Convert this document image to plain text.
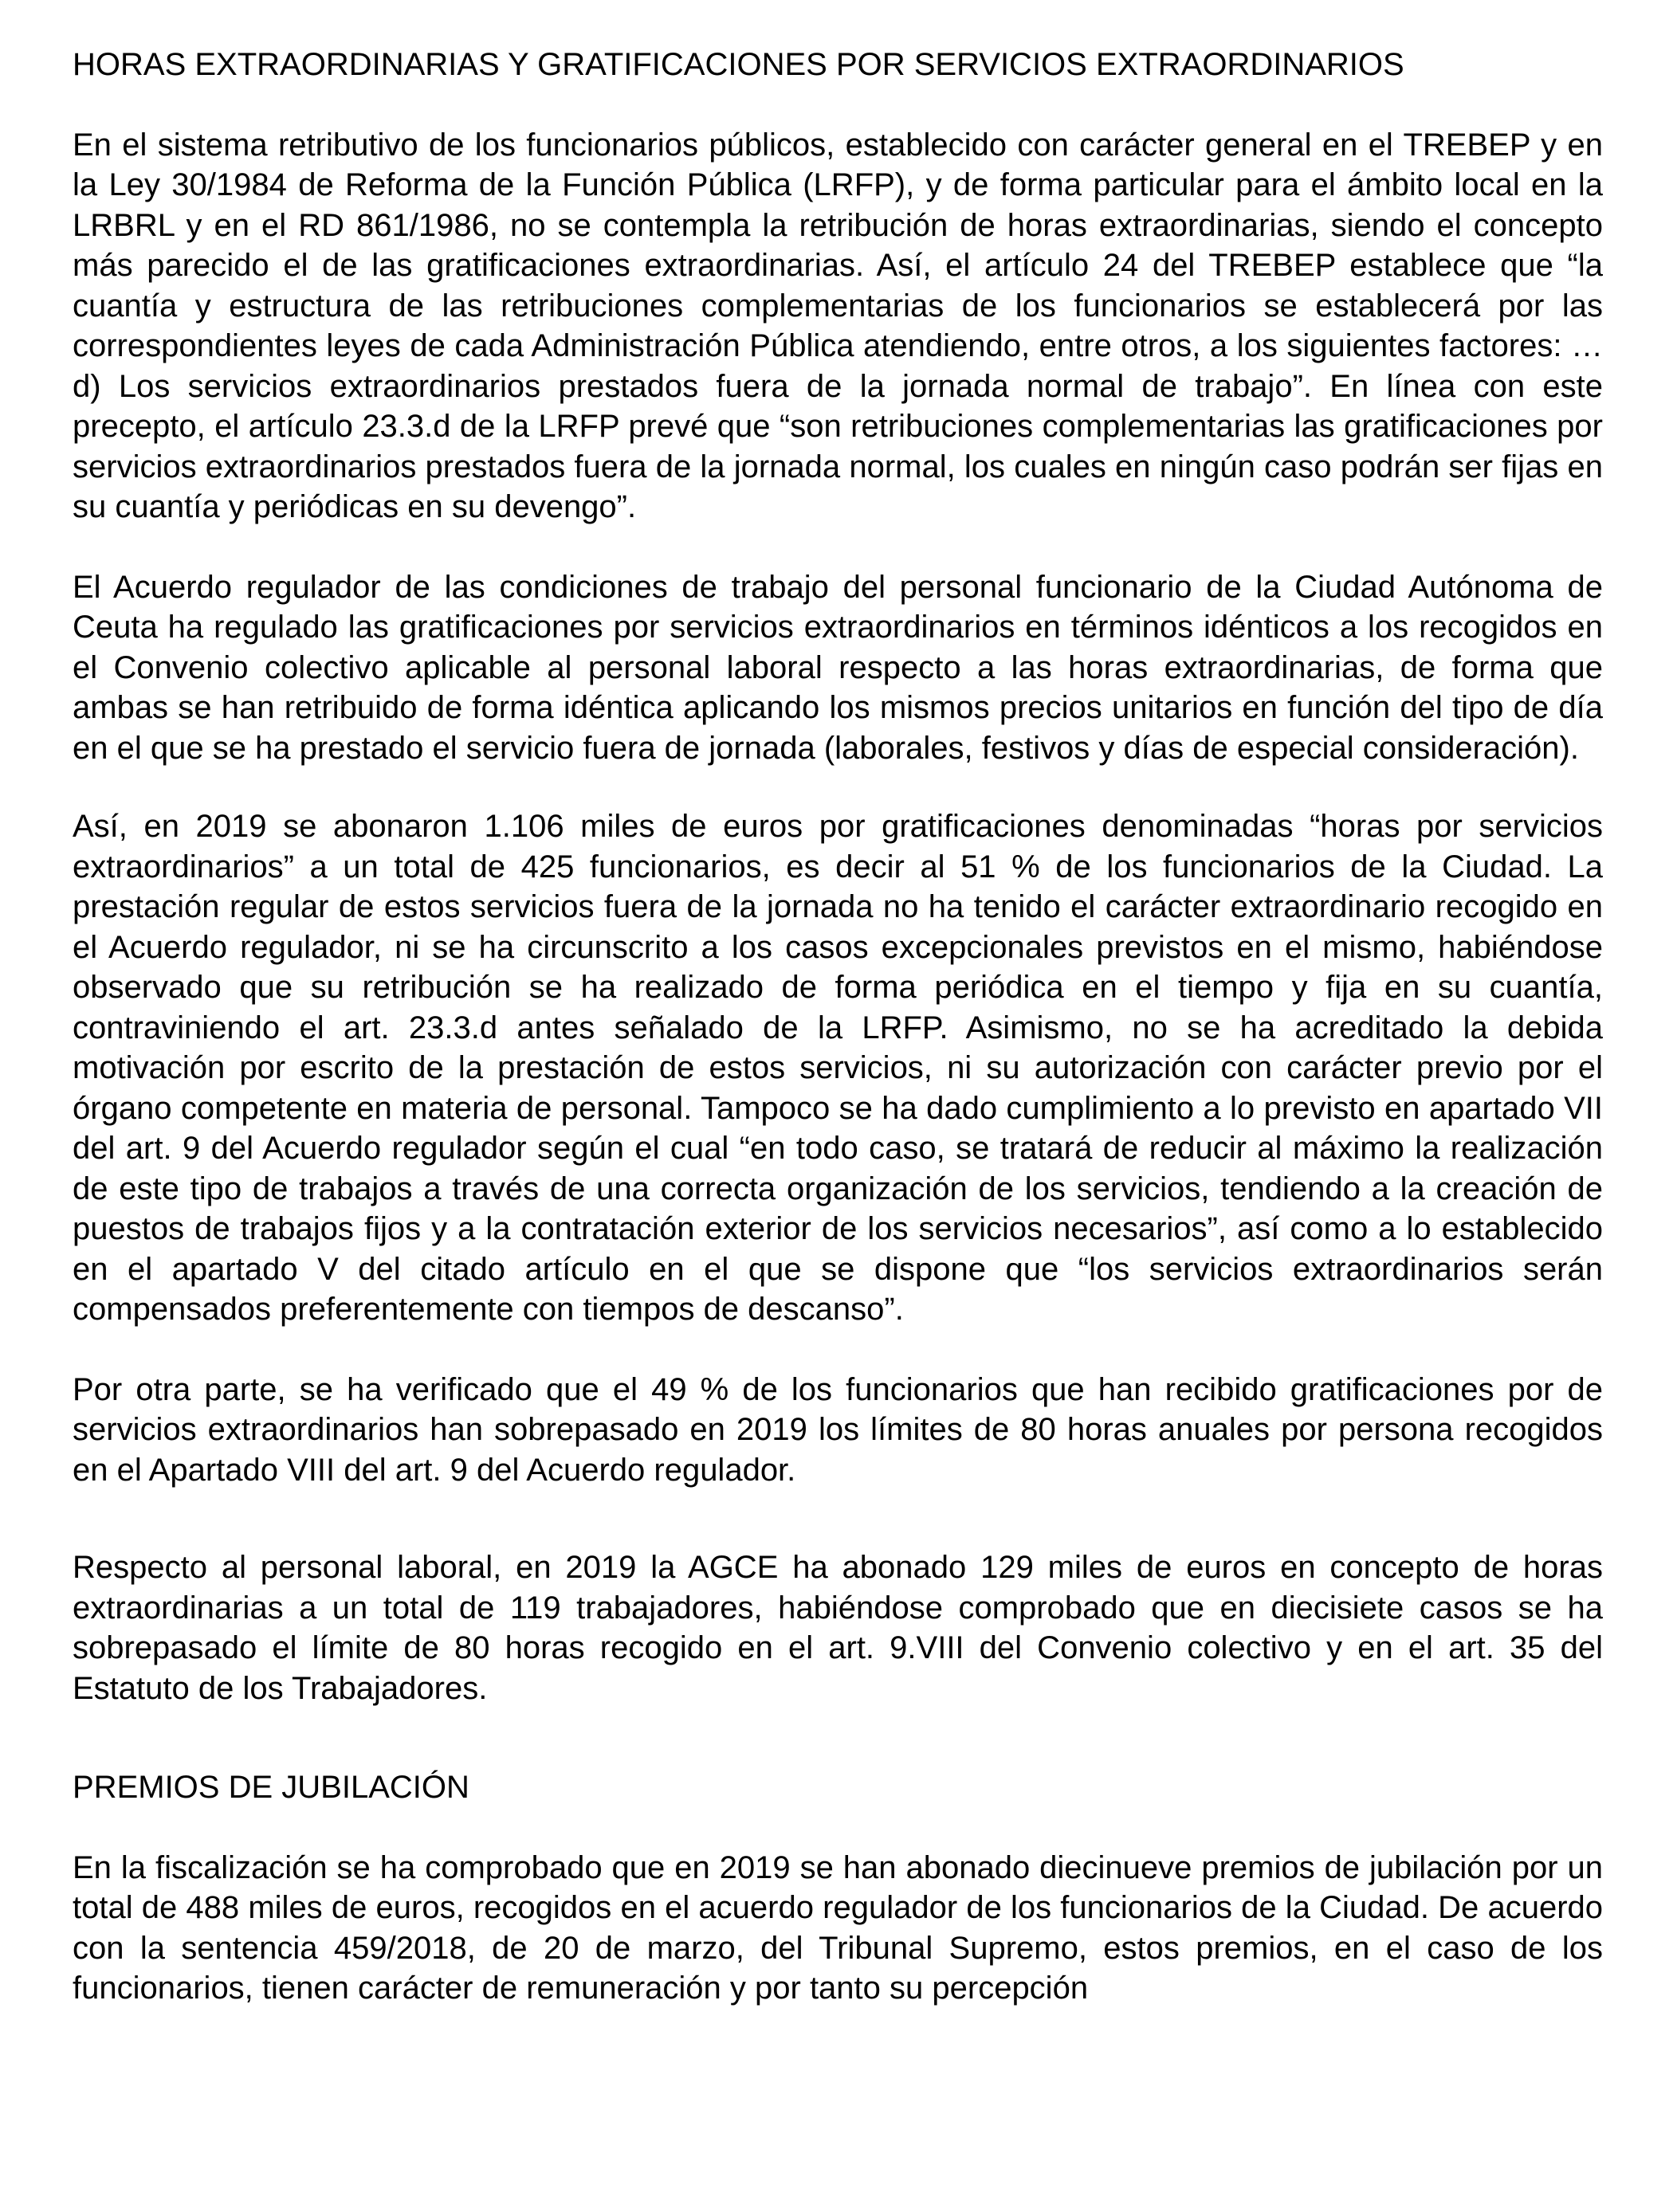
HORAS EXTRAORDINARIAS Y GRATIFICACIONES POR SERVICIOS EXTRAORDINARIOS

En el sistema retributivo de los funcionarios públicos, establecido con carácter general en el TREBEP y en la Ley 30/1984 de Reforma de la Función Pública (LRFP), y de forma particular para el ámbito local en la LRBRL y en el RD 861/1986, no se contempla la retribución de horas extraordinarias, siendo el concepto más parecido el de las gratificaciones extraordinarias. Así, el artículo 24 del TREBEP establece que “la cuantía y estructura de las retribuciones complementarias de los funcionarios se establecerá por las correspondientes leyes de cada Administración Pública atendiendo, entre otros, a los siguientes factores: … d) Los servicios extraordinarios prestados fuera de la jornada normal de trabajo”. En línea con este precepto, el artículo 23.3.d de la LRFP prevé que “son retribuciones complementarias las gratificaciones por servicios extraordinarios prestados fuera de la jornada normal, los cuales en ningún caso podrán ser fijas en su cuantía y periódicas en su devengo”.

El Acuerdo regulador de las condiciones de trabajo del personal funcionario de la Ciudad Autónoma de Ceuta ha regulado las gratificaciones por servicios extraordinarios en términos idénticos a los recogidos en el Convenio colectivo aplicable al personal laboral respecto a las horas extraordinarias, de forma que ambas se han retribuido de forma idéntica aplicando los mismos precios unitarios en función del tipo de día en el que se ha prestado el servicio fuera de jornada (laborales, festivos y días de especial consideración).

Así, en 2019 se abonaron 1.106 miles de euros por gratificaciones denominadas “horas por servicios extraordinarios” a un total de 425 funcionarios, es decir al 51 % de los funcionarios de la Ciudad. La prestación regular de estos servicios fuera de la jornada no ha tenido el carácter extraordinario recogido en el Acuerdo regulador, ni se ha circunscrito a los casos excepcionales previstos en el mismo, habiéndose observado que su retribución se ha realizado de forma periódica en el tiempo y fija en su cuantía, contraviniendo el art. 23.3.d antes señalado de la LRFP. Asimismo, no se ha acreditado la debida motivación por escrito de la prestación de estos servicios, ni su autorización con carácter previo por el órgano competente en materia de personal. Tampoco se ha dado cumplimiento a lo previsto en apartado VII del art. 9 del Acuerdo regulador según el cual “en todo caso, se tratará de reducir al máximo la realización de este tipo de trabajos a través de una correcta organización de los servicios, tendiendo a la creación de puestos de trabajos fijos y a la contratación exterior de los servicios necesarios”, así como a lo establecido en el apartado V del citado artículo en el que se dispone que “los servicios extraordinarios serán compensados preferentemente con tiempos de descanso”.

Por otra parte, se ha verificado que el 49 % de los funcionarios que han recibido gratificaciones por de servicios extraordinarios han sobrepasado en 2019 los límites de 80 horas anuales por persona recogidos en el Apartado VIII del art. 9 del Acuerdo regulador.

Respecto al personal laboral, en 2019 la AGCE ha abonado 129 miles de euros en concepto de horas extraordinarias a un total de 119 trabajadores, habiéndose comprobado que en diecisiete casos se ha sobrepasado el límite de 80 horas recogido en el art. 9.VIII del Convenio colectivo y en el art. 35 del Estatuto de los Trabajadores.

PREMIOS DE JUBILACIÓN

En la fiscalización se ha comprobado que en 2019 se han abonado diecinueve premios de jubilación por un total de 488 miles de euros, recogidos en el acuerdo regulador de los funcionarios de la Ciudad. De acuerdo con la sentencia 459/2018, de 20 de marzo, del Tribunal Supremo, estos premios, en el caso de los funcionarios, tienen carácter de remuneración y por tanto su percepción
